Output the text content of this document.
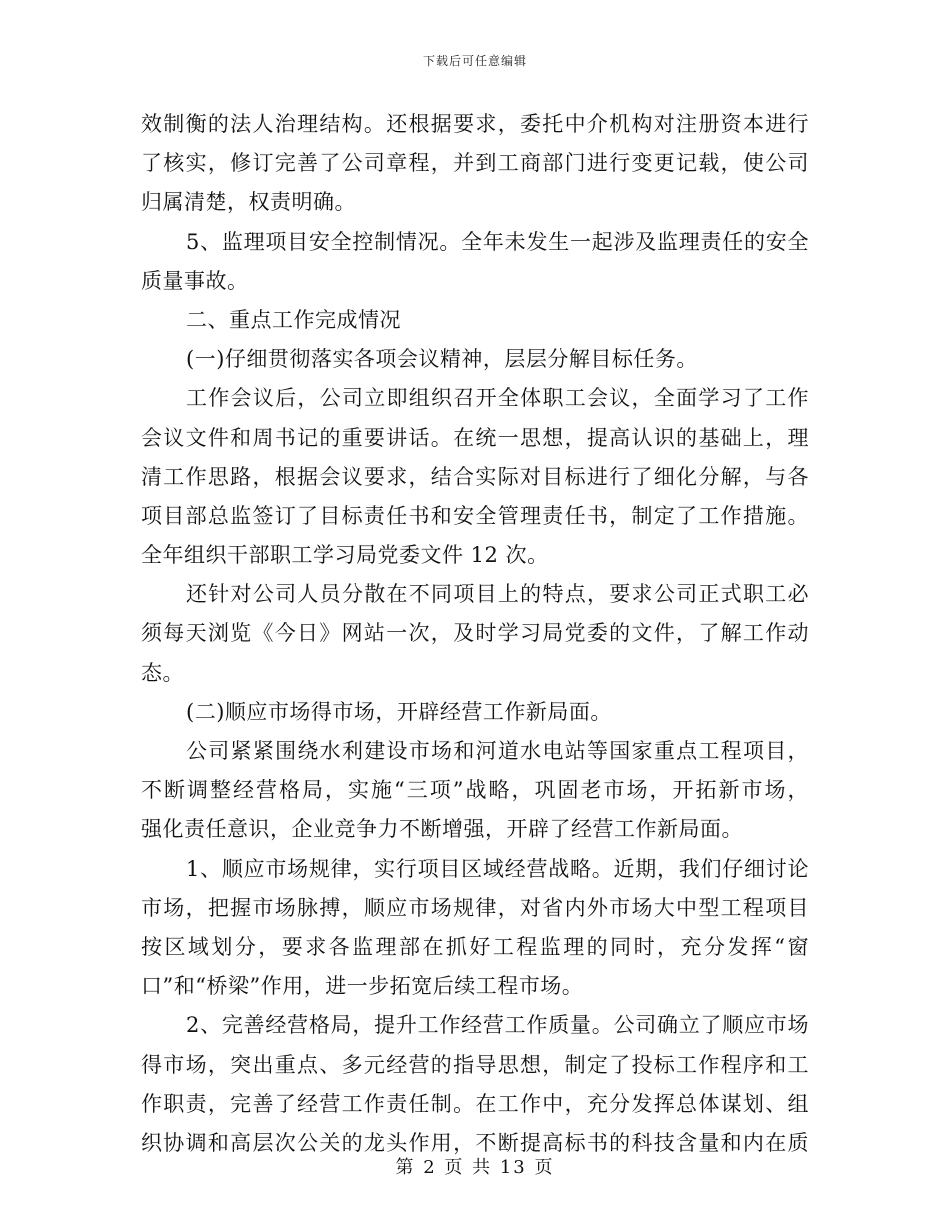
下载后可任意编辑
效制衡的法人治理结构。还根据要求，委托中介机构对注册资本进行
了核实，修订完善了公司章程，并到工商部门进行变更记载，使公司
归属清楚，权责明确。
5、监理项目安全控制情况。全年未发生一起涉及监理责任的安全
质量事故。
二、重点工作完成情况
(一)仔细贯彻落实各项会议精神，层层分解目标任务。
工作会议后，公司立即组织召开全体职工会议，全面学习了工作
会议文件和周书记的重要讲话。在统一思想，提高认识的基础上，理
清工作思路，根据会议要求，结合实际对目标进行了细化分解，与各
项目部总监签订了目标责任书和安全管理责任书，制定了工作措施。
全年组织干部职工学习局党委文件 12 次。
还针对公司人员分散在不同项目上的特点，要求公司正式职工必
须每天浏览《今日》网站一次，及时学习局党委的文件，了解工作动
态。
(二)顺应市场得市场，开辟经营工作新局面。
公司紧紧围绕水利建设市场和河道水电站等国家重点工程项目，
不断调整经营格局，实施“三项”战略，巩固老市场，开拓新市场，
强化责任意识，企业竞争力不断增强，开辟了经营工作新局面。
1、顺应市场规律，实行项目区域经营战略。近期，我们仔细讨论
市场，把握市场脉搏，顺应市场规律，对省内外市场大中型工程项目
按区域划分，要求各监理部在抓好工程监理的同时，充分发挥“窗
口”和“桥梁”作用，进一步拓宽后续工程市场。
2、完善经营格局，提升工作经营工作质量。公司确立了顺应市场
得市场，突出重点、多元经营的指导思想，制定了投标工作程序和工
作职责，完善了经营工作责任制。在工作中，充分发挥总体谋划、组
织协调和高层次公关的龙头作用，不断提高标书的科技含量和内在质
第 2 页 共 13 页
